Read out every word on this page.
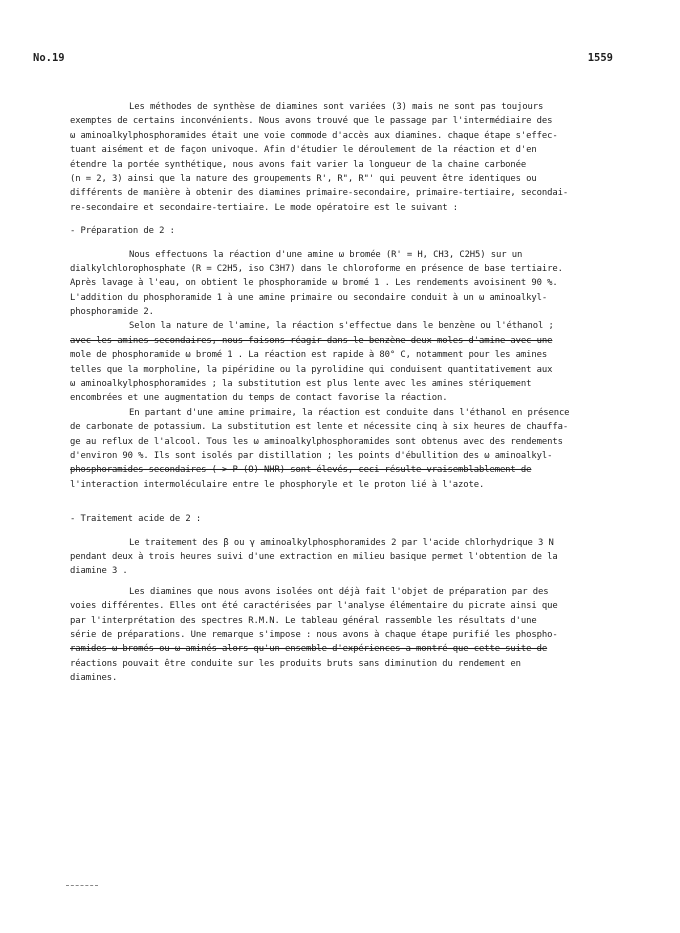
No.19	1559
Les méthodes de synthèse de diamines sont variées (3) mais ne sont pas toujours
exemptes de certains inconvénients. Nous avons trouvé que le passage par l'intermédiaire des
ω aminoalkylphosphoramides était une voie commode d'accès aux diamines. chaque étape s'effec-
tuant aisément et de façon univoque. Afin d'étudier le déroulement de la réaction et d'en
étendre la portée synthétique, nous avons fait varier la longueur de la chaine carbonée
(n = 2, 3) ainsi que la nature des groupements R', R", R"' qui peuvent être identiques ou
différents de manière à obtenir des diamines primaire-secondaire, primaire-tertiaire, secondai-
re-secondaire et secondaire-tertiaire. Le mode opératoire est le suivant :
- Préparation de 2 :
Nous effectuons la réaction d'une amine ω bromée (R' = H, CH3, C2H5) sur un
dialkylchlorophosphate (R = C2H5, iso C3H7) dans le chloroforme en présence de base tertiaire.
Après lavage à l'eau, on obtient le phosphoramide ω bromé 1 . Les rendements avoisinent 90 %.
L'addition du phosphoramide 1 à une amine primaire ou secondaire conduit à un ω aminoalkyl-
phosphoramide 2.
Selon la nature de l'amine, la réaction s'effectue dans le benzène ou l'éthanol ;
avec les amines secondaires, nous faisons réagir dans le benzène deux moles d'amine avec une
mole de phosphoramide ω bromé 1 . La réaction est rapide à 80° C, notamment pour les amines
telles que la morpholine, la pipéridine ou la pyrolidine qui conduisent quantitativement aux
ω aminoalkylphosphoramides ; la substitution est plus lente avec les amines stériquement
encombrées et une augmentation du temps de contact favorise la réaction.
En partant d'une amine primaire, la réaction est conduite dans l'éthanol en présence
de carbonate de potassium. La substitution est lente et nécessite cinq à six heures de chauffa-
ge au reflux de l'alcool. Tous les ω aminoalkylphosphoramides sont obtenus avec des rendements
d'environ 90 %. Ils sont isolés par distillation ; les points d'ébullition des ω aminoalkyl-
phosphoramides secondaires ( > P (O) NHR) sont élevés, ceci résulte vraisemblablement de
l'interaction intermoléculaire entre le phosphoryle et le proton lié à l'azote.
- Traitement acide de 2 :
Le traitement des β ou γ aminoalkylphosphoramides 2 par l'acide chlorhydrique 3 N
pendant deux à trois heures suivi d'une extraction en milieu basique permet l'obtention de la
diamine 3 .
Les diamines que nous avons isolées ont déjà fait l'objet de préparation par des
voies différentes. Elles ont été caractérisées par l'analyse élémentaire du picrate ainsi que
par l'interprétation des spectres R.M.N. Le tableau général rassemble les résultats d'une
série de préparations. Une remarque s'impose : nous avons à chaque étape purifié les phospho-
ramides ω bromés ou ω aminés alors qu'un ensemble d'expériences a montré que cette suite de
réactions pouvait être conduite sur les produits bruts sans diminution du rendement en
diamines.
